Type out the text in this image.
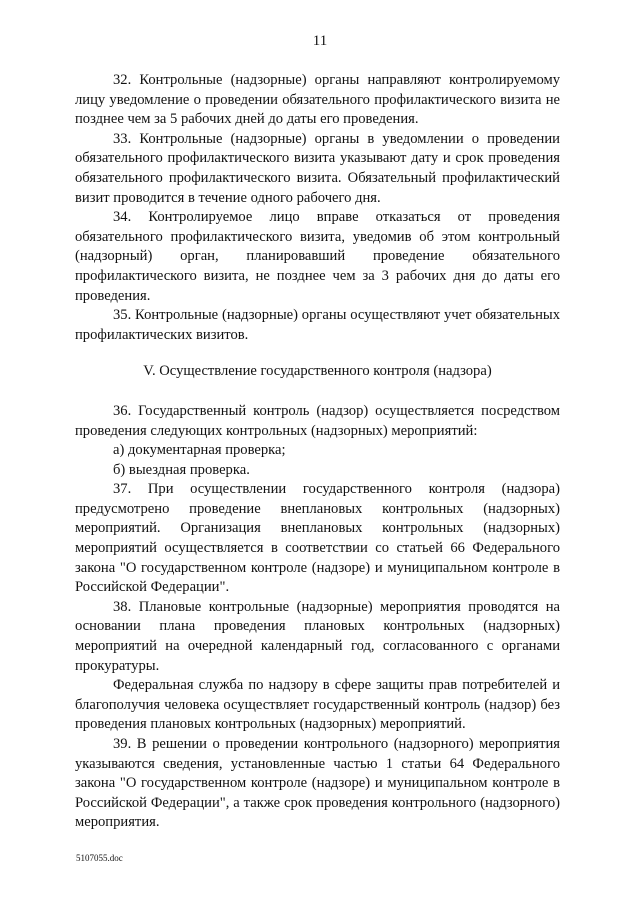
11

32. Контрольные (надзорные) органы направляют контролируемому лицу уведомление о проведении обязательного профилактического визита не позднее чем за 5 рабочих дней до даты его проведения.

33. Контрольные (надзорные) органы в уведомлении о проведении обязательного профилактического визита указывают дату и срок проведения обязательного профилактического визита. Обязательный профилактический визит проводится в течение одного рабочего дня.

34. Контролируемое лицо вправе отказаться от проведения обязательного профилактического визита, уведомив об этом контрольный (надзорный) орган, планировавший проведение обязательного профилактического визита, не позднее чем за 3 рабочих дня до даты его проведения.

35. Контрольные (надзорные) органы осуществляют учет обязательных профилактических визитов.

V. Осуществление государственного контроля (надзора)

36. Государственный контроль (надзор) осуществляется посредством проведения следующих контрольных (надзорных) мероприятий:

а) документарная проверка;

б) выездная проверка.

37. При осуществлении государственного контроля (надзора) предусмотрено проведение внеплановых контрольных (надзорных) мероприятий. Организация внеплановых контрольных (надзорных) мероприятий осуществляется в соответствии со статьей 66 Федерального закона "О государственном контроле (надзоре) и муниципальном контроле в Российской Федерации".

38. Плановые контрольные (надзорные) мероприятия проводятся на основании плана проведения плановых контрольных (надзорных) мероприятий на очередной календарный год, согласованного с органами прокуратуры.

Федеральная служба по надзору в сфере защиты прав потребителей и благополучия человека осуществляет государственный контроль (надзор) без проведения плановых контрольных (надзорных) мероприятий.

39. В решении о проведении контрольного (надзорного) мероприятия указываются сведения, установленные частью 1 статьи 64 Федерального закона "О государственном контроле (надзоре) и муниципальном контроле в Российской Федерации", а также срок проведения контрольного (надзорного) мероприятия.

5107055.doc
